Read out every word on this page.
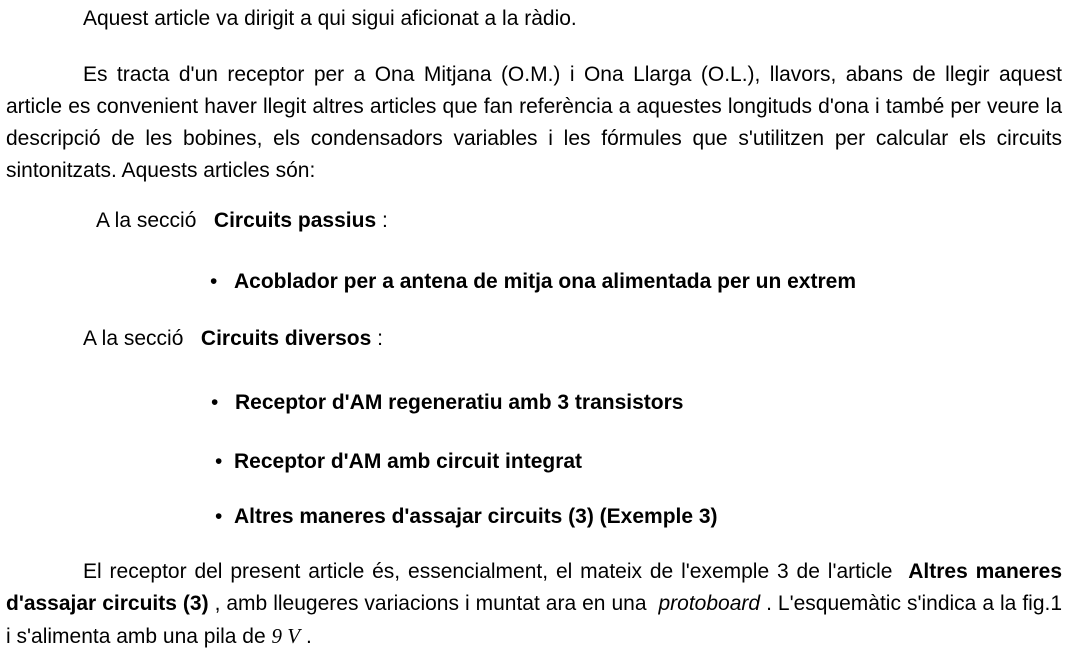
Aquest article va dirigit a qui sigui aficionat a la ràdio.
Es tracta d'un receptor per a Ona Mitjana (O.M.) i Ona Llarga (O.L.), llavors, abans de llegir aquest article es convenient haver llegit altres articles que fan referència a aquestes longituds d'ona i també per veure la descripció de les bobines, els condensadors variables i les fórmules que s'utilitzen per calcular els circuits sintonitzats. Aquests articles són:
A la secció Circuits passius :
• Acoblador per a antena de mitja ona alimentada per un extrem
A la secció Circuits diversos :
• Receptor d'AM regeneratiu amb 3 transistors
• Receptor d'AM amb circuit integrat
• Altres maneres d'assajar circuits (3) (Exemple 3)
El receptor del present article és, essencialment, el mateix de l'exemple 3 de l'article Altres maneres d'assajar circuits (3) , amb lleugeres variacions i muntat ara en una protoboard . L'esquemàtic s'indica a la fig.1 i s'alimenta amb una pila de 9 V .
